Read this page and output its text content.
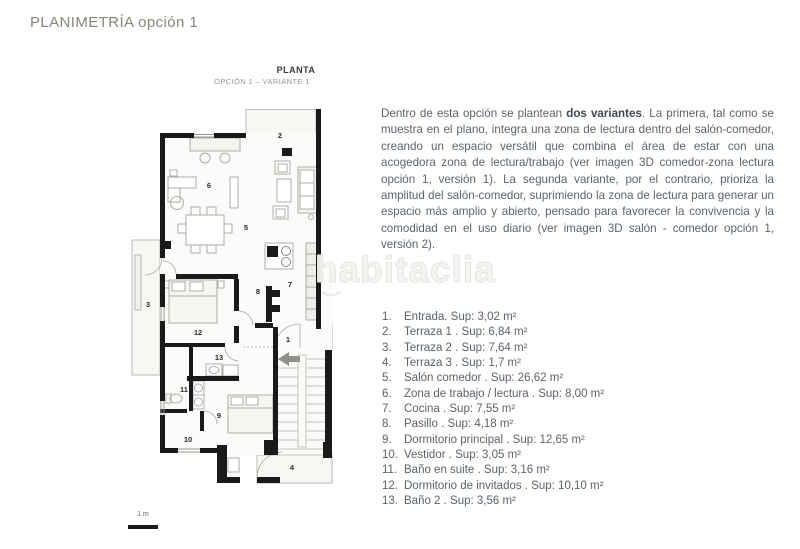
PLANIMETRÍA opción 1
PLANTA
OPCIÓN 1 – VARIANTE 1
1
2
3
4
5
6
7
8
9
10
11
12
13
habitaclia
Dentro de esta opción se plantean dos variantes. La primera, tal como se muestra en el plano, integra una zona de lectura dentro del salón-comedor, creando un espacio versátil que combina el área de estar con una acogedora zona de lectura/trabajo (ver imagen 3D comedor-zona lectura opción 1, versión 1). La segunda variante, por el contrario, prioriza la amplitud del salón-comedor, suprimiendo la zona de lectura para generar un espacio más amplio y abierto, pensado para favorecer la convivencia y la comodidad en el uso diario (ver imagen 3D salón - comedor opción 1, versión 2).
1.	Entrada. Sup: 3,02 m²
2.	Terraza 1 . Sup: 6,84 m²
3.	Terraza 2 . Sup: 7,64 m²
4.	Terraza 3 . Sup: 1,7 m²
5.	Salón comedor . Sup: 26,62 m²
6.	Zona de trabajo / lectura . Sup: 8,00 m²
7.	Cocina . Sup: 7,55 m²
8.	Pasillo . Sup: 4,18 m²
9.	Dormitorio principal . Sup: 12,65 m²
10. Vestidor . Sup: 3,05 m²
11. Baño en suite . Sup: 3,16 m²
12. Dormitorio de invitados . Sup: 10,10 m²
13. Baño 2 . Sup: 3,56 m²
1 m
